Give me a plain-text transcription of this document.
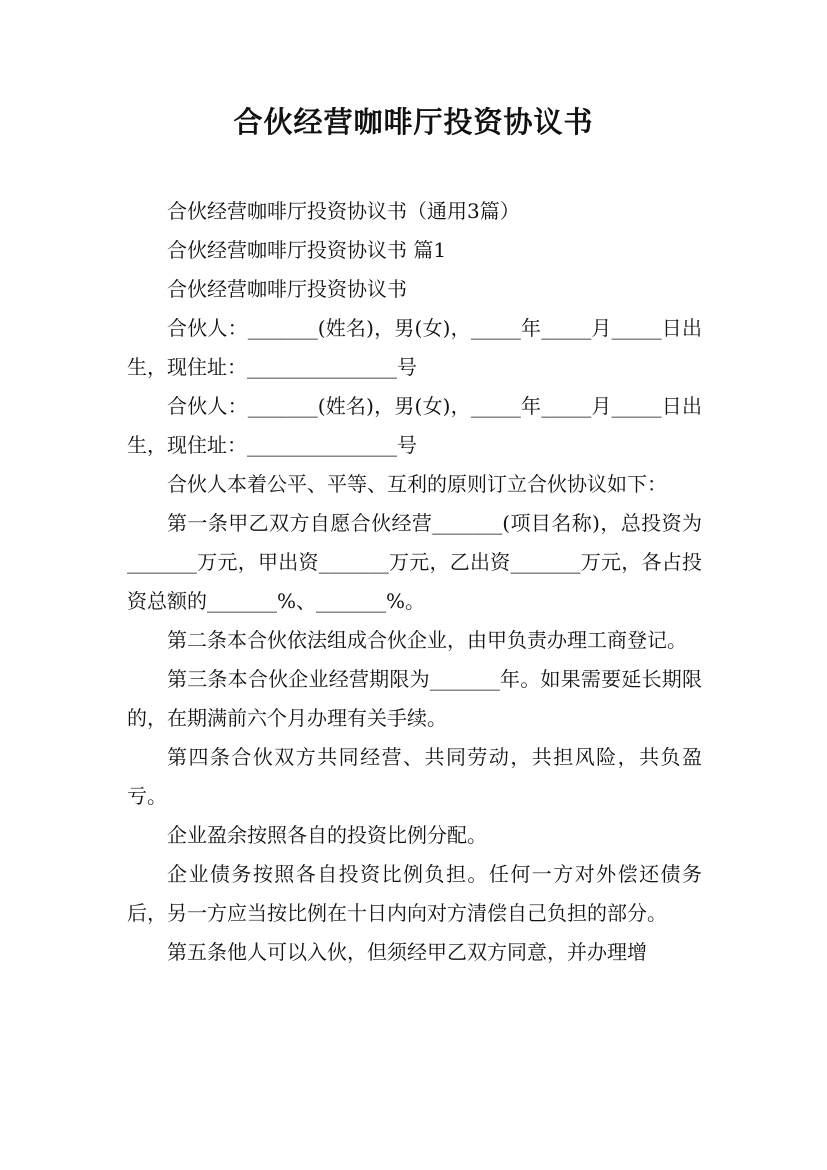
合伙经营咖啡厅投资协议书

合伙经营咖啡厅投资协议书（通用3篇）

合伙经营咖啡厅投资协议书 篇1

合伙经营咖啡厅投资协议书

合伙人：_______(姓名)，男(女)，_____年_____月_____日出生，现住址：_______________号

合伙人：_______(姓名)，男(女)，_____年_____月_____日出生，现住址：_______________号

合伙人本着公平、平等、互利的原则订立合伙协议如下：

第一条甲乙双方自愿合伙经营_______(项目名称)，总投资为_______万元，甲出资_______万元，乙出资_______万元，各占投资总额的_______%、_______%。

第二条本合伙依法组成合伙企业，由甲负责办理工商登记。

第三条本合伙企业经营期限为_______年。如果需要延长期限的，在期满前六个月办理有关手续。

第四条合伙双方共同经营、共同劳动，共担风险，共负盈亏。

企业盈余按照各自的投资比例分配。

企业债务按照各自投资比例负担。任何一方对外偿还债务后，另一方应当按比例在十日内向对方清偿自己负担的部分。

第五条他人可以入伙，但须经甲乙双方同意，并办理增
